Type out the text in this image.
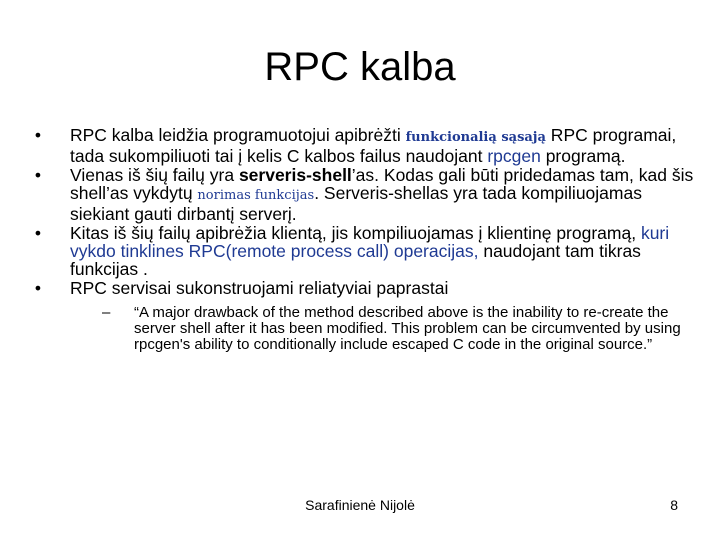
RPC kalba
•	RPC kalba leidžia programuotojui apibrėžti funkcionalią sąsają RPC programai, tada sukompiliuoti tai į kelis C kalbos failus naudojant rpcgen programą.
•	Vienas iš šių failų yra serveris-shell’as. Kodas gali būti pridedamas tam, kad šis shell’as vykdytų norimas funkcijas. Serveris-shellas yra tada kompiliuojamas siekiant gauti dirbantį serverį.
•	Kitas iš šių failų apibrėžia klientą, jis kompiliuojamas į klientinę programą, kuri vykdo tinklines RPC(remote process call) operacijas, naudojant tam tikras funkcijas .
•	RPC servisai sukonstruojami reliatyviai paprastai
– “A major drawback of the method described above is the inability to re-create the server shell after it has been modified. This problem can be circumvented by using rpcgen's ability to conditionally include escaped C code in the original source.”
Sarafinienė Nijolė	8
